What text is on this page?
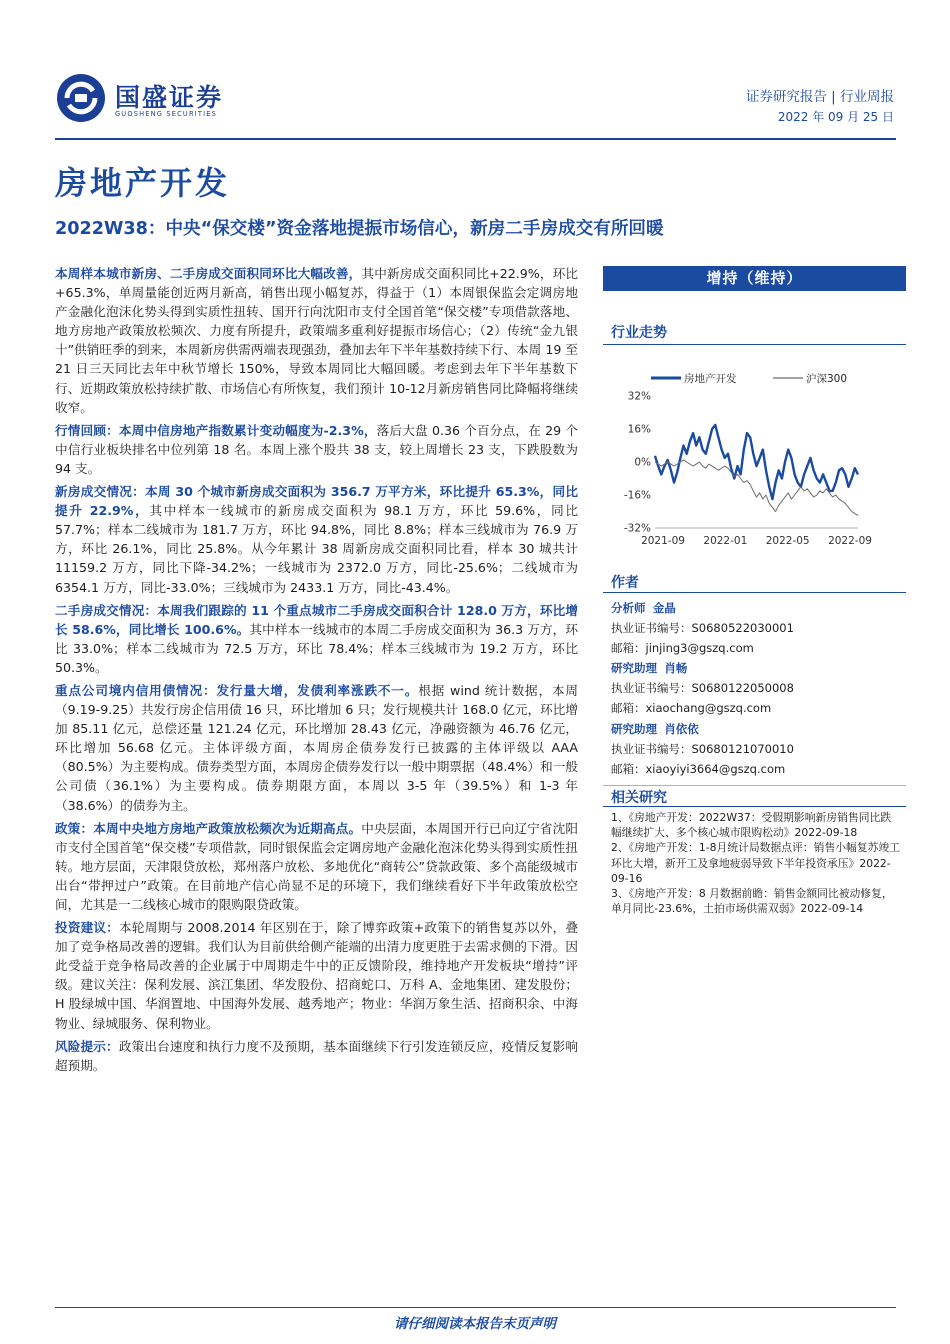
国盛证券
GUOSHENG SECURITIES
证券研究报告 | 行业周报
2022 年 09 月 25 日
房地产开发
2022W38：中央“保交楼”资金落地提振市场信心，新房二手房成交有所回暖

本周样本城市新房、二手房成交面积同环比大幅改善，其中新房成交面积同比+22.9%，环比+65.3%，单周量能创近两月新高，销售出现小幅复苏，得益于（1）本周银保监会定调房地产金融化泡沫化势头得到实质性扭转、国开行向沈阳市支付全国首笔“保交楼”专项借款落地、地方房地产政策放松频次、力度有所提升，政策端多重利好提振市场信心；（2）传统“金九银十”供销旺季的到来，本周新房供需两端表现强劲，叠加去年下半年基数持续下行、本周 19 至 21 日三天同比去年中秋节增长 150%，导致本周同比大幅回暖。考虑到去年下半年基数下行、近期政策放松持续扩散、市场信心有所恢复，我们预计 10-12月新房销售同比降幅将继续收窄。

行情回顾：本周中信房地产指数累计变动幅度为-2.3%，落后大盘 0.36 个百分点，在 29 个中信行业板块排名中位列第 18 名。本周上涨个股共 38 支，较上周增长 23 支，下跌股数为 94 支。

新房成交情况：本周 30 个城市新房成交面积为 356.7 万平方米，环比提升 65.3%，同比提升 22.9%，其中样本一线城市的新房成交面积为 98.1 万方，环比 59.6%，同比 57.7%；样本二线城市为 181.7 万方，环比 94.8%，同比 8.8%；样本三线城市为 76.9 万方，环比 26.1%，同比 25.8%。从今年累计 38 周新房成交面积同比看，样本 30 城共计 11159.2 万方，同比下降-34.2%；一线城市为 2372.0 万方，同比-25.6%；二线城市为 6354.1 万方，同比-33.0%；三线城市为 2433.1 万方，同比-43.4%。

二手房成交情况：本周我们跟踪的 11 个重点城市二手房成交面积合计 128.0 万方，环比增长 58.6%，同比增长 100.6%。其中样本一线城市的本周二手房成交面积为 36.3 万方，环比 33.0%；样本二线城市为 72.5 万方，环比 78.4%；样本三线城市为 19.2 万方，环比 50.3%。

重点公司境内信用债情况：发行量大增，发债利率涨跌不一。根据 wind 统计数据，本周（9.19-9.25）共发行房企信用债 16 只，环比增加 6 只；发行规模共计 168.0 亿元，环比增加 85.11 亿元，总偿还量 121.24 亿元，环比增加 28.43 亿元，净融资额为 46.76 亿元，环比增加 56.68 亿元。主体评级方面，本周房企债券发行已披露的主体评级以 AAA（80.5%）为主要构成。债券类型方面，本周房企债券发行以一般中期票据（48.4%）和一般公司债（36.1%）为主要构成。债券期限方面，本周以 3-5 年（39.5%）和 1-3 年（38.6%）的债券为主。

政策：本周中央地方房地产政策放松频次为近期高点。中央层面，本周国开行已向辽宁省沈阳市支付全国首笔“保交楼”专项借款，同时银保监会定调房地产金融化泡沫化势头得到实质性扭转。地方层面，天津限贷放松，郑州落户放松、多地优化“商转公”贷款政策、多个高能级城市出台“带押过户”政策。在目前地产信心尚显不足的环境下，我们继续看好下半年政策放松空间，尤其是一二线核心城市的限购限贷政策。

投资建议：本轮周期与 2008.2014 年区别在于，除了博弈政策+政策下的销售复苏以外，叠加了竞争格局改善的逻辑。我们认为目前供给侧产能端的出清力度更胜于去需求侧的下滑。因此受益于竞争格局改善的企业属于中周期走牛中的正反馈阶段，维持地产开发板块“增持”评级。建议关注：保利发展、滨江集团、华发股份、招商蛇口、万科 A、金地集团、建发股份；H 股绿城中国、华润置地、中国海外发展、越秀地产；物业：华润万象生活、招商积余、中海物业、绿城服务、保利物业。

风险提示：政策出台速度和执行力度不及预期，基本面继续下行引发连锁反应，疫情反复影响超预期。

增持（维持）
行业走势
房地产开发	沪深300
32%
16%
0%
-16%
-32%
2021-09 2022-01 2022-05 2022-09
作者
分析师 金晶
执业证书编号：S0680522030001
邮箱：jinjing3@gszq.com
研究助理 肖畅
执业证书编号：S0680122050008
邮箱：xiaochang@gszq.com
研究助理 肖依依
执业证书编号：S0680121070010
邮箱：xiaoyiyi3664@gszq.com
相关研究
1、《房地产开发：2022W37：受假期影响新房销售同比跌幅继续扩大、多个核心城市限购松动》2022-09-18
2、《房地产开发：1-8月统计局数据点评：销售小幅复苏竣工环比大增，新开工及拿地疲弱导致下半年投资承压》2022-09-16
3、《房地产开发：8 月数据前瞻：销售金额同比被动修复，单月同比-23.6%，土拍市场供需双弱》2022-09-14
请仔细阅读本报告末页声明
